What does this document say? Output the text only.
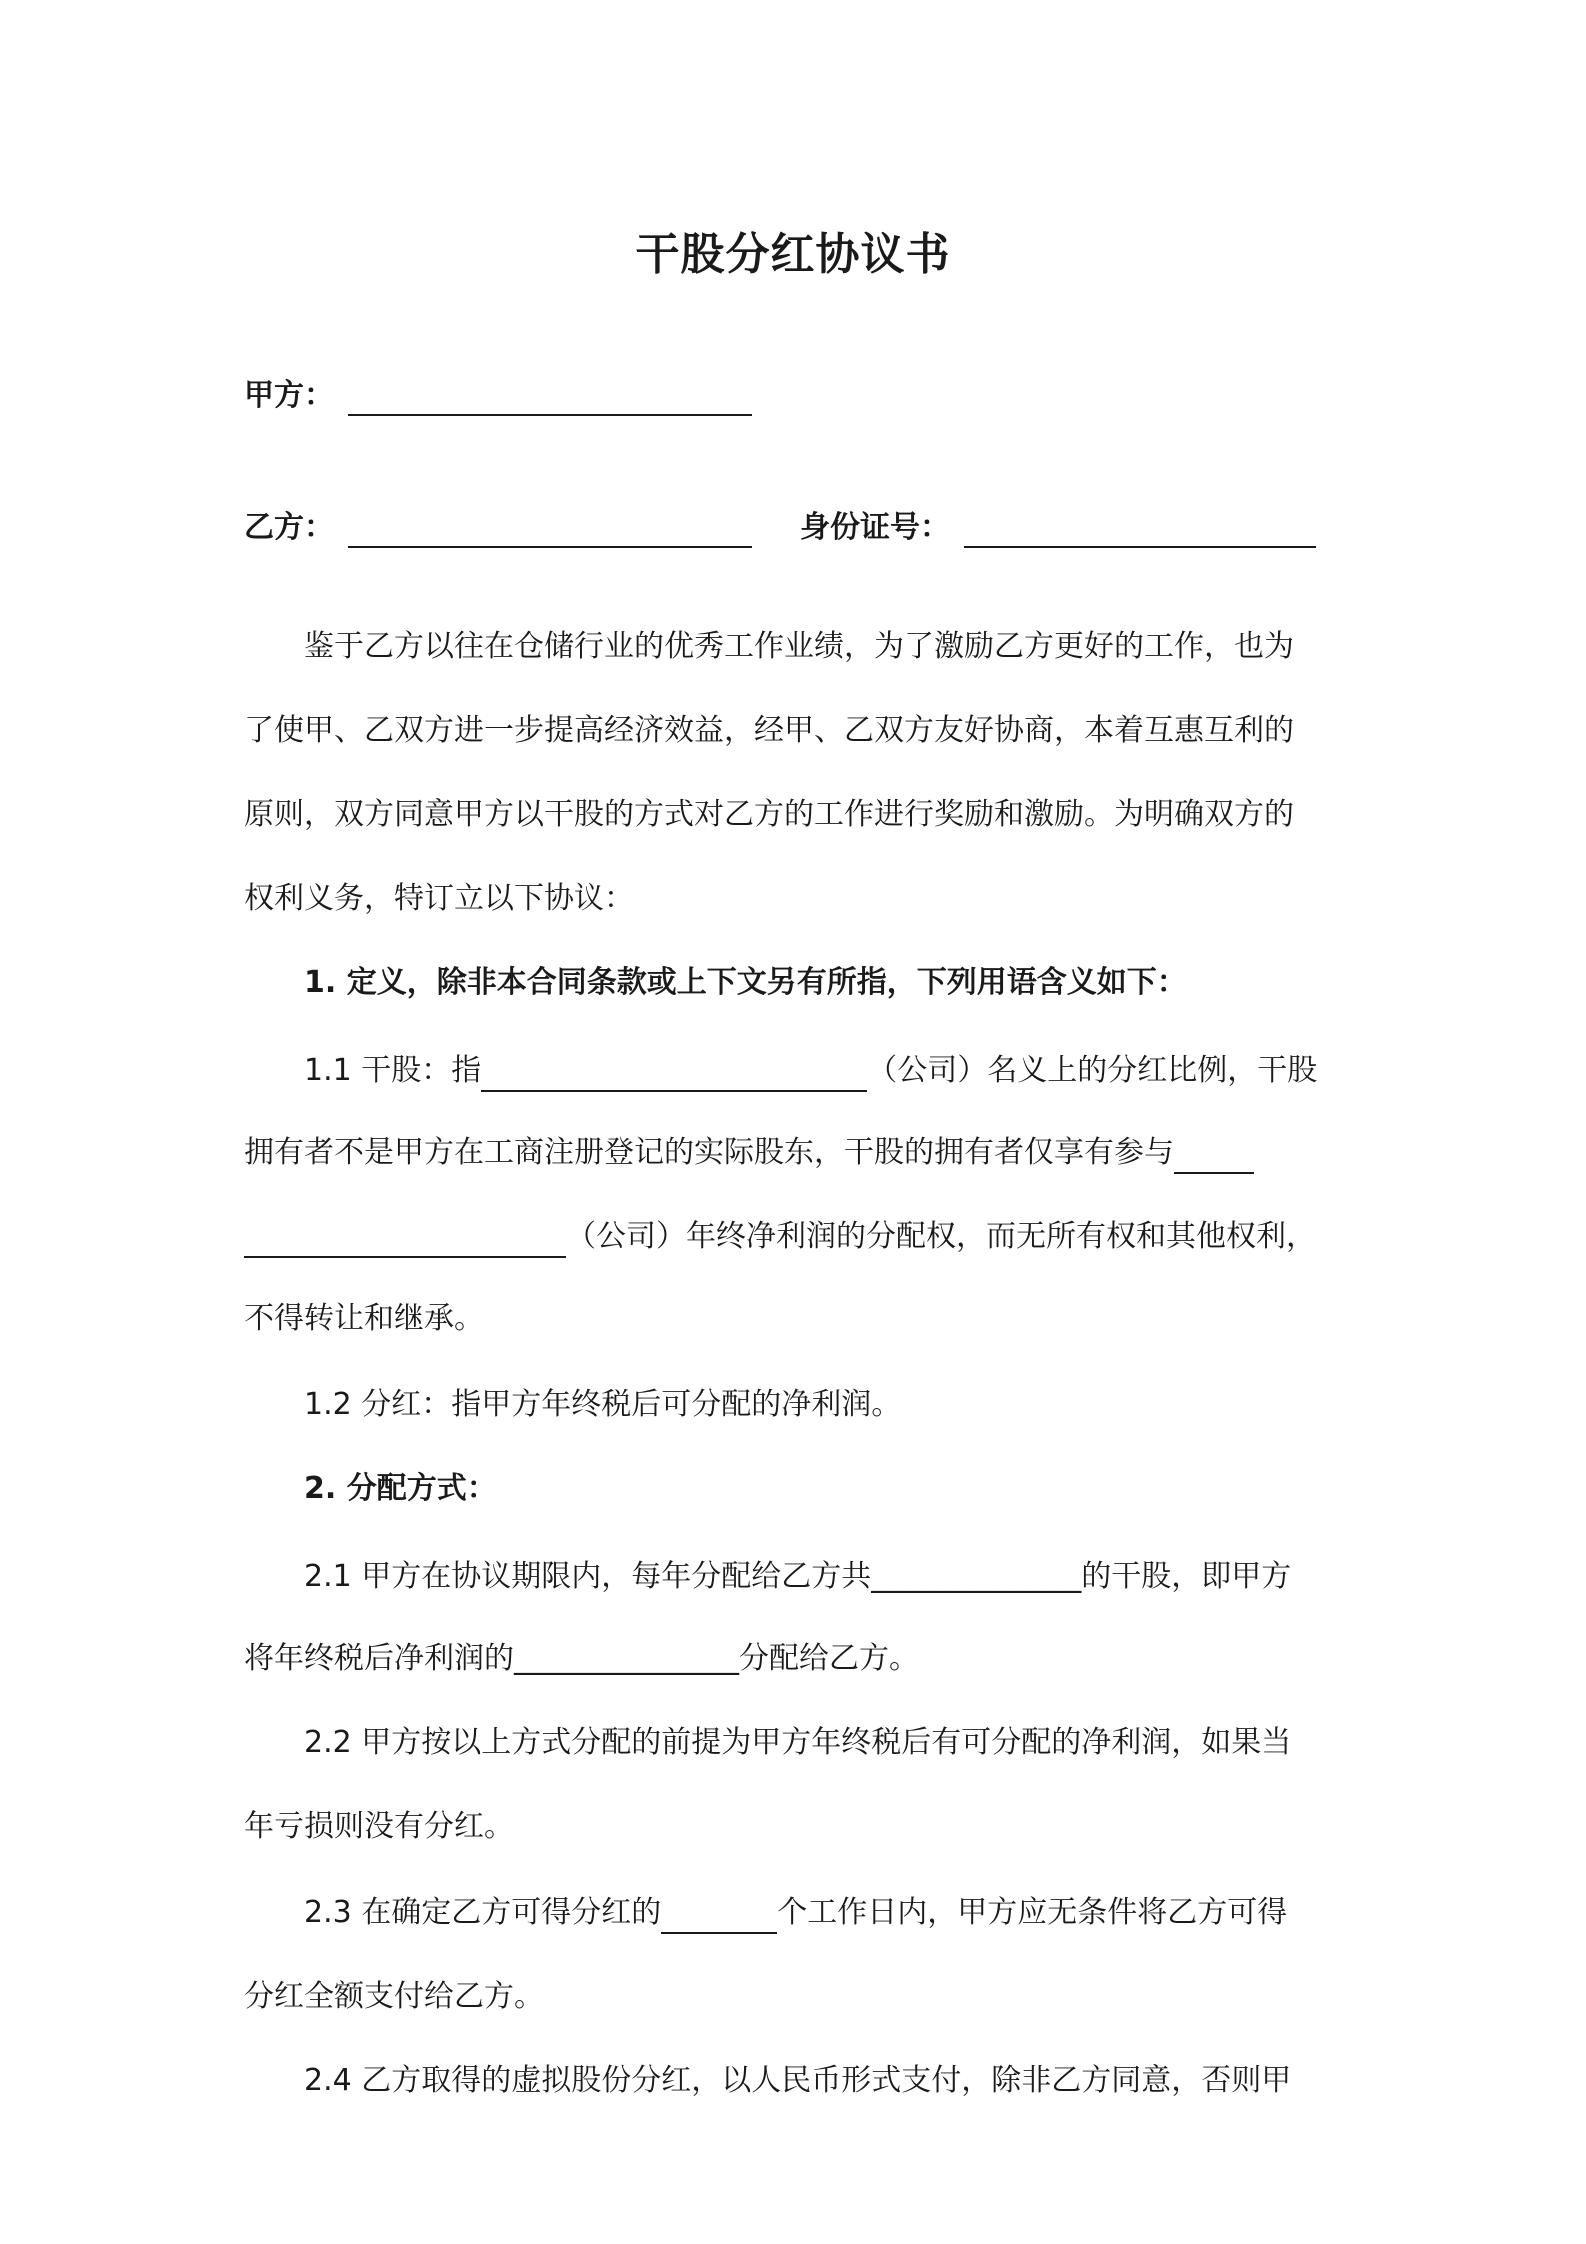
干股分红协议书
甲方：
乙方：	身份证号：
鉴于乙方以往在仓储行业的优秀工作业绩，为了激励乙方更好的工作，也为
了使甲、乙双方进一步提高经济效益，经甲、乙双方友好协商，本着互惠互利的
原则，双方同意甲方以干股的方式对乙方的工作进行奖励和激励。为明确双方的
权利义务，特订立以下协议：
1. 定义，除非本合同条款或上下文另有所指，下列用语含义如下：
1.1 干股：指	（公司）名义上的分红比例，干股
拥有者不是甲方在工商注册登记的实际股东，干股的拥有者仅享有参与
（公司）年终净利润的分配权，而无所有权和其他权利，
不得转让和继承。
1.2 分红：指甲方年终税后可分配的净利润。
2. 分配方式：
2.1 甲方在协议期限内，每年分配给乙方共______________的干股，即甲方
将年终税后净利润的_______________分配给乙方。
2.2 甲方按以上方式分配的前提为甲方年终税后有可分配的净利润，如果当
年亏损则没有分红。
2.3 在确定乙方可得分红的	个工作日内，甲方应无条件将乙方可得
分红全额支付给乙方。
2.4 乙方取得的虚拟股份分红，以人民币形式支付，除非乙方同意，否则甲
